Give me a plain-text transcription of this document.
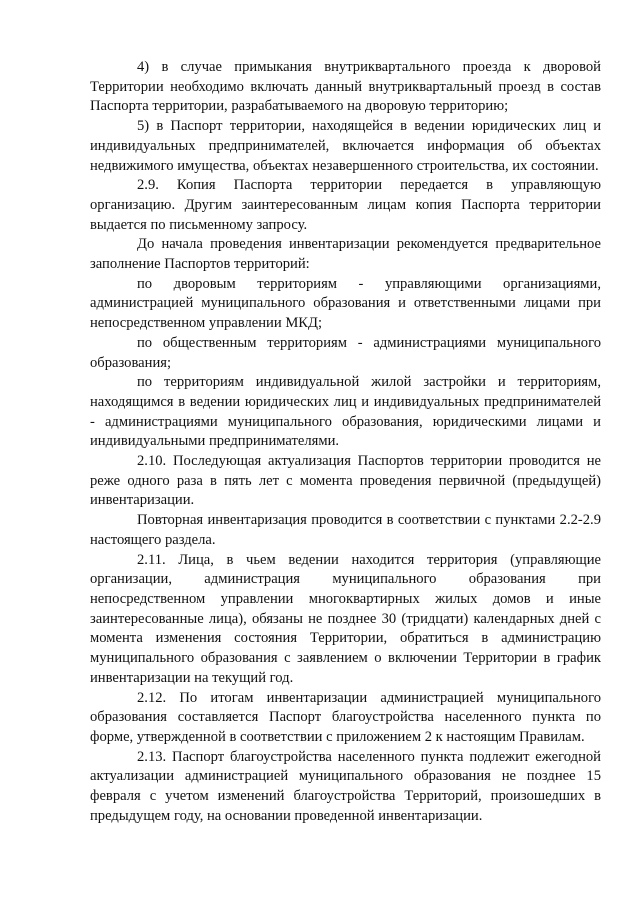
4) в случае примыкания внутриквартального проезда к дворовой Территории необходимо включать данный внутриквартальный проезд в состав Паспорта территории, разрабатываемого на дворовую территорию;

5) в Паспорт территории, находящейся в ведении юридических лиц и индивидуальных предпринимателей, включается информация об объектах недвижимого имущества, объектах незавершенного строительства, их состоянии.

2.9. Копия Паспорта территории передается в управляющую организацию. Другим заинтересованным лицам копия Паспорта территории выдается по письменному запросу.

До начала проведения инвентаризации рекомендуется предварительное заполнение Паспортов территорий:

по дворовым территориям - управляющими организациями, администрацией муниципального образования и ответственными лицами при непосредственном управлении МКД;

по общественным территориям - администрациями муниципального образования;

по территориям индивидуальной жилой застройки и территориям, находящимся в ведении юридических лиц и индивидуальных предпринимателей - администрациями муниципального образования, юридическими лицами и индивидуальными предпринимателями.

2.10. Последующая актуализация Паспортов территории проводится не реже одного раза в пять лет с момента проведения первичной (предыдущей) инвентаризации.

Повторная инвентаризация проводится в соответствии с пунктами 2.2-2.9 настоящего раздела.

2.11. Лица, в чьем ведении находится территория (управляющие организации, администрация муниципального образования при непосредственном управлении многоквартирных жилых домов и иные заинтересованные лица), обязаны не позднее 30 (тридцати) календарных дней с момента изменения состояния Территории, обратиться в администрацию муниципального образования с заявлением о включении Территории в график инвентаризации на текущий год.

2.12. По итогам инвентаризации администрацией муниципального образования составляется Паспорт благоустройства населенного пункта по форме, утвержденной в соответствии с приложением 2 к настоящим Правилам.

2.13. Паспорт благоустройства населенного пункта подлежит ежегодной актуализации администрацией муниципального образования не позднее 15 февраля с учетом изменений благоустройства Территорий, произошедших в предыдущем году, на основании проведенной инвентаризации.
